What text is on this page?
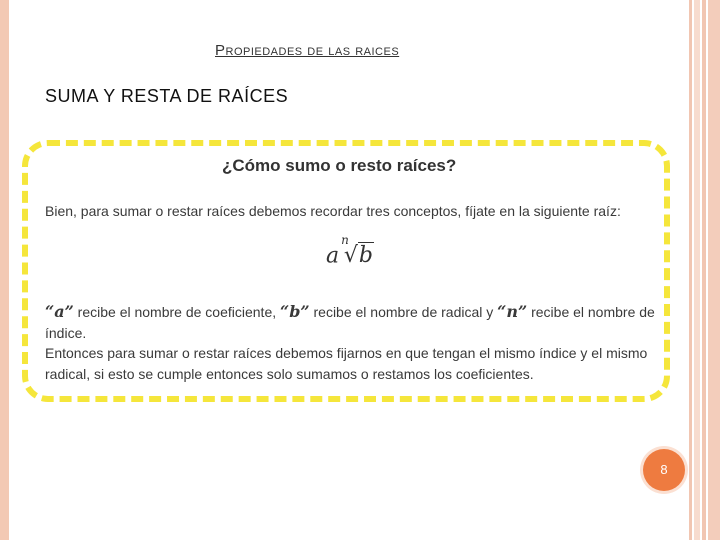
Propiedades de las raices
SUMA Y RESTA DE RAÍCES
¿Cómo sumo o resto raíces?
Bien, para sumar o restar raíces debemos recordar tres conceptos, fíjate en la siguiente raíz:
$a^n√b$
“a” recibe el nombre de coeficiente, “b” recibe el nombre de radical y “n” recibe el nombre de índice.
Entonces para sumar o restar raíces debemos fijarnos en que tengan el mismo índice y el mismo radical, si esto se cumple entonces solo sumamos o restamos los coeficientes.
8
